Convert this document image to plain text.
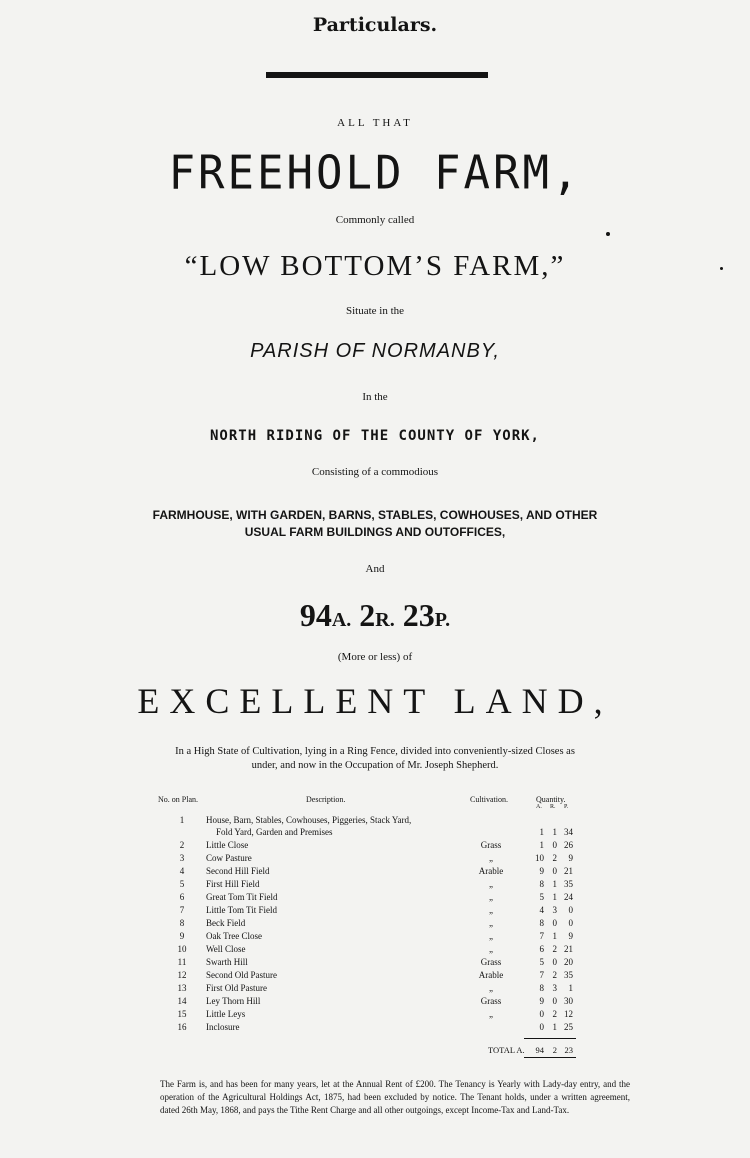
Particulars.
ALL THAT
FREEHOLD FARM,
Commonly called
“LOW BOTTOM’S FARM,”
Situate in the
PARISH OF NORMANBY,
In the
NORTH RIDING OF THE COUNTY OF YORK,
Consisting of a commodious
FARMHOUSE, WITH GARDEN, BARNS, STABLES, COWHOUSES, AND OTHER
USUAL FARM BUILDINGS AND OUTOFFICES,
And
94A. 2R. 23P.
(More or less) of
EXCELLENT LAND,
In a High State of Cultivation, lying in a Ring Fence, divided into conveniently-sized Closes as
under, and now in the Occupation of Mr. Joseph Shepherd.
No. on Plan.	Description.	Cultivation.	Quantity.
A. R. P.
1	House, Barn, Stables, Cowhouses, Piggeries, Stack Yard,
Fold Yard, Garden and Premises	1 1 34
2	Little Close	Grass	1 0 26
3	Cow Pasture	„	10 2	9
4	Second Hill Field	Arable	9 0 21
5	First Hill Field	„	8 1 35
6	Great Tom Tit Field	„	5 1 24
7	Little Tom Tit Field	„	4 3	0
8	Beck Field	„	8 0	0
9	Oak Tree Close	„	7 1	9
10	Well Close	„	6 2 21
11	Swarth Hill	Grass	5 0 20
12	Second Old Pasture	Arable	7 2 35
13	First Old Pasture	„	8 3	1
14	Ley Thorn Hill	Grass	9 0 30
15	Little Leys	„	0 2 12
16	Inclosure	0 1 25
TOTAL A.	94	2 23
The Farm is, and has been for many years, let at the Annual Rent of £200. The Tenancy is Yearly with Lady-day entry, and the operation of the Agricultural Holdings Act, 1875, had been excluded by notice. The Tenant holds, under a written agreement, dated 26th May, 1868, and pays the Tithe Rent Charge and all other outgoings, except Income-Tax and Land-Tax.
